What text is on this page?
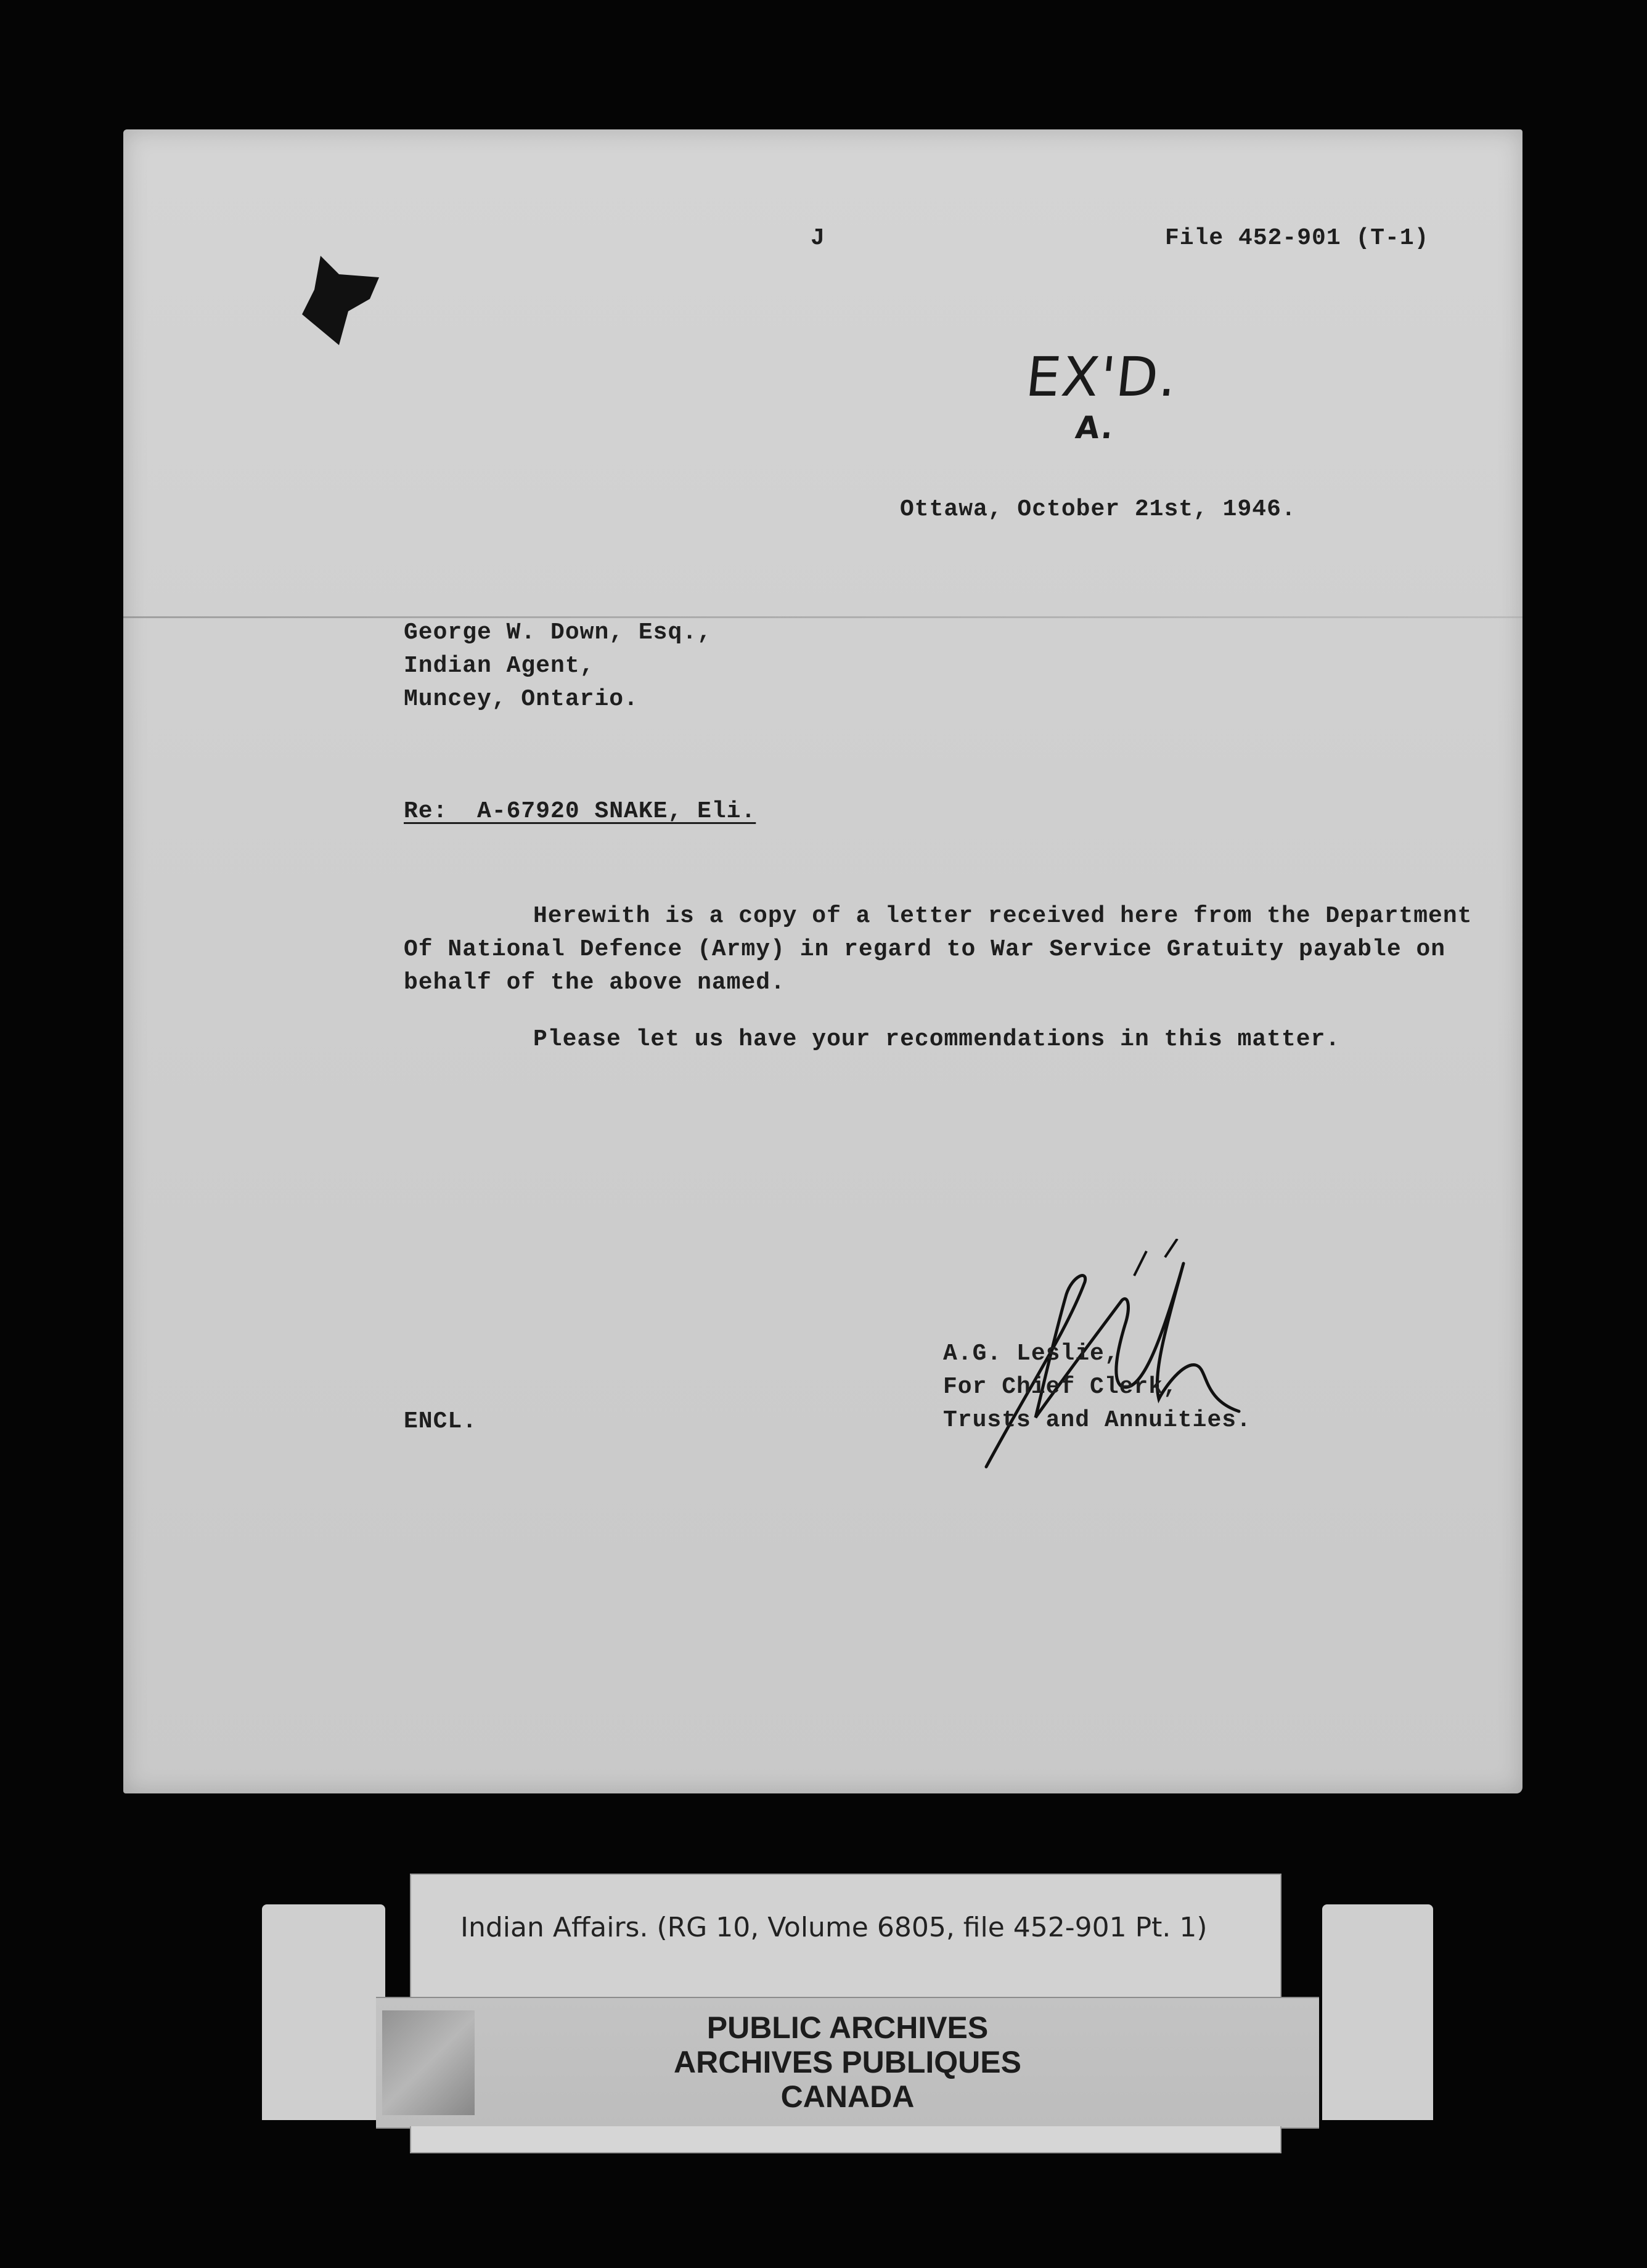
J	File 452-901 (T-1)
EX'D.
A.
Ottawa, October 21st, 1946.
George W. Down, Esq.,
Indian Agent,
Muncey, Ontario.
Re:  A-67920 SNAKE, Eli.
Herewith is a copy of a letter received here from the Department
Of National Defence (Army) in regard to War Service Gratuity payable on
behalf of the above named.
Please let us have your recommendations in this matter.
A.G. Leslie,
For Chief Clerk,
Trusts and Annuities.
ENCL.
Indian Affairs. (RG 10, Volume 6805, file 452-901 Pt. 1)
PUBLIC ARCHIVES
ARCHIVES PUBLIQUES
CANADA
